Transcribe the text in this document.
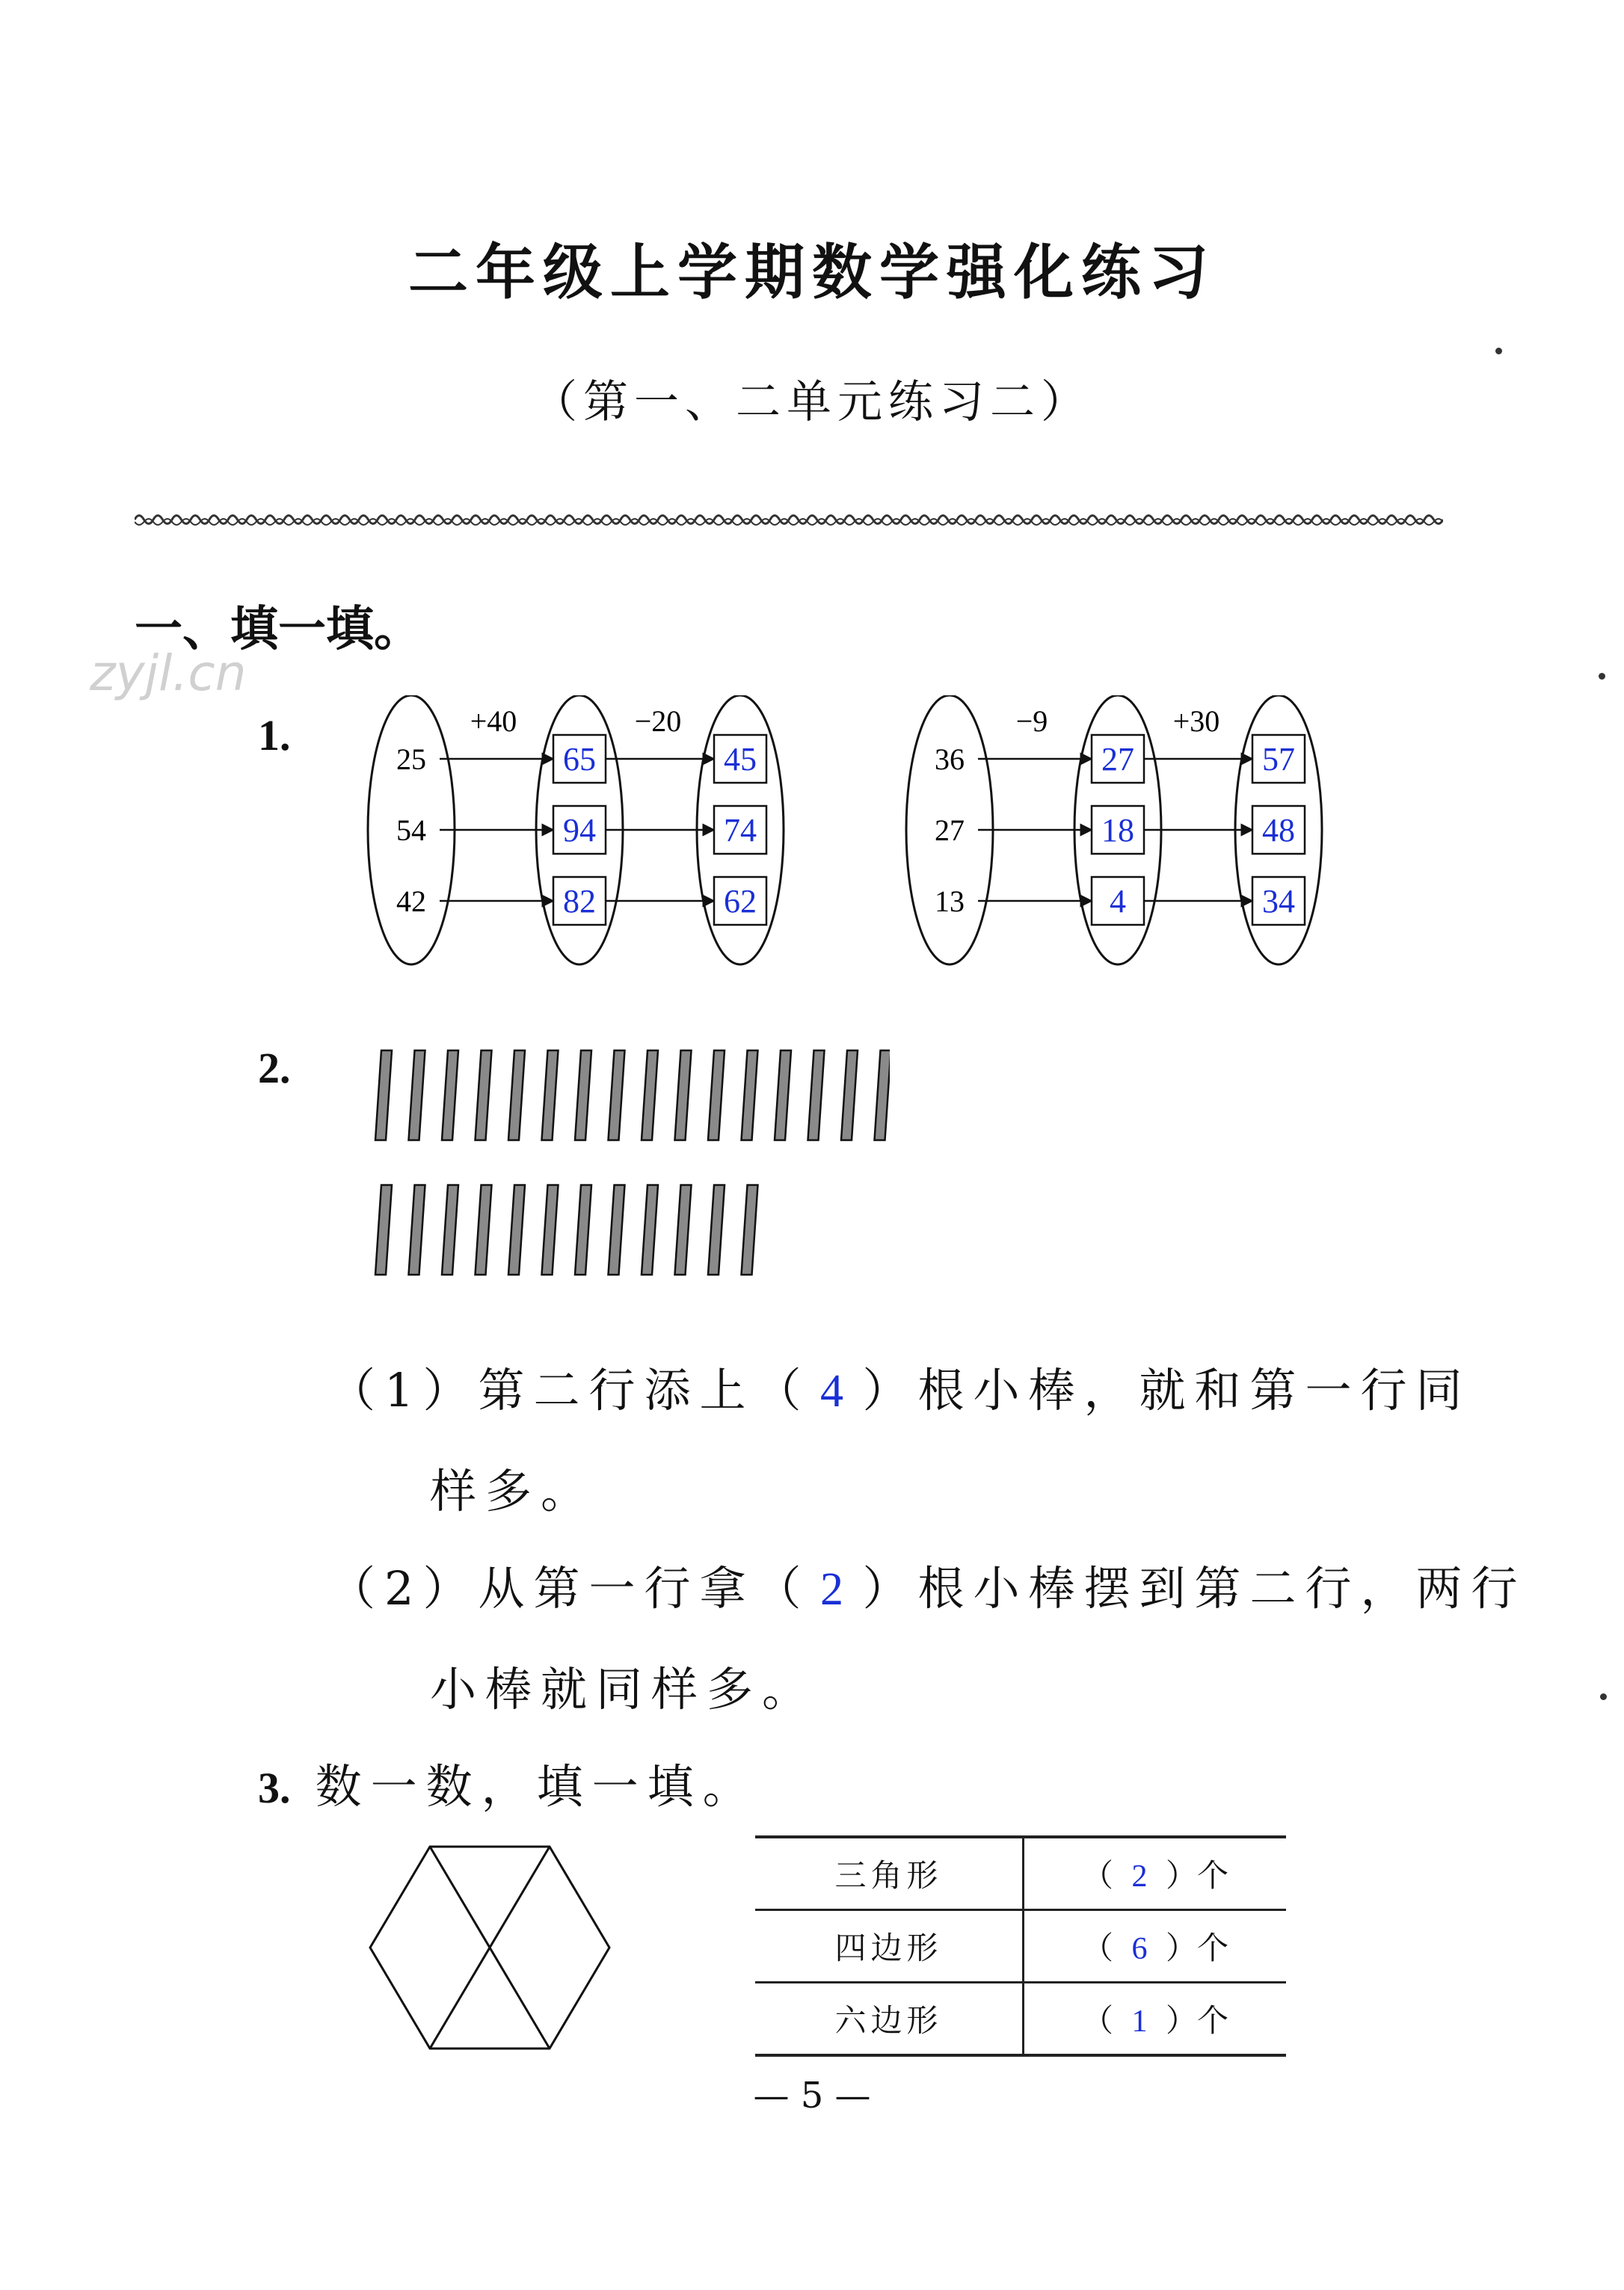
二年级上学期数学强化练习
（第一、二单元练习二）
一、填一填。
zyjl.cn
1.	+40	−20
25	65	45
54	94	74
42	82	62
−9	+30
36	27	57
27	18	48
13	4	34
2.
（1）第二行添上（ 4 ）根小棒，就和第一行同
样多。
（2）从第一行拿（ 2 ）根小棒摆到第二行，两行
小棒就同样多。
3. 数一数，填一填。
三角形	（ 2 ）个
四边形	（ 6 ）个
六边形	（ 1 ）个
— 5 —
